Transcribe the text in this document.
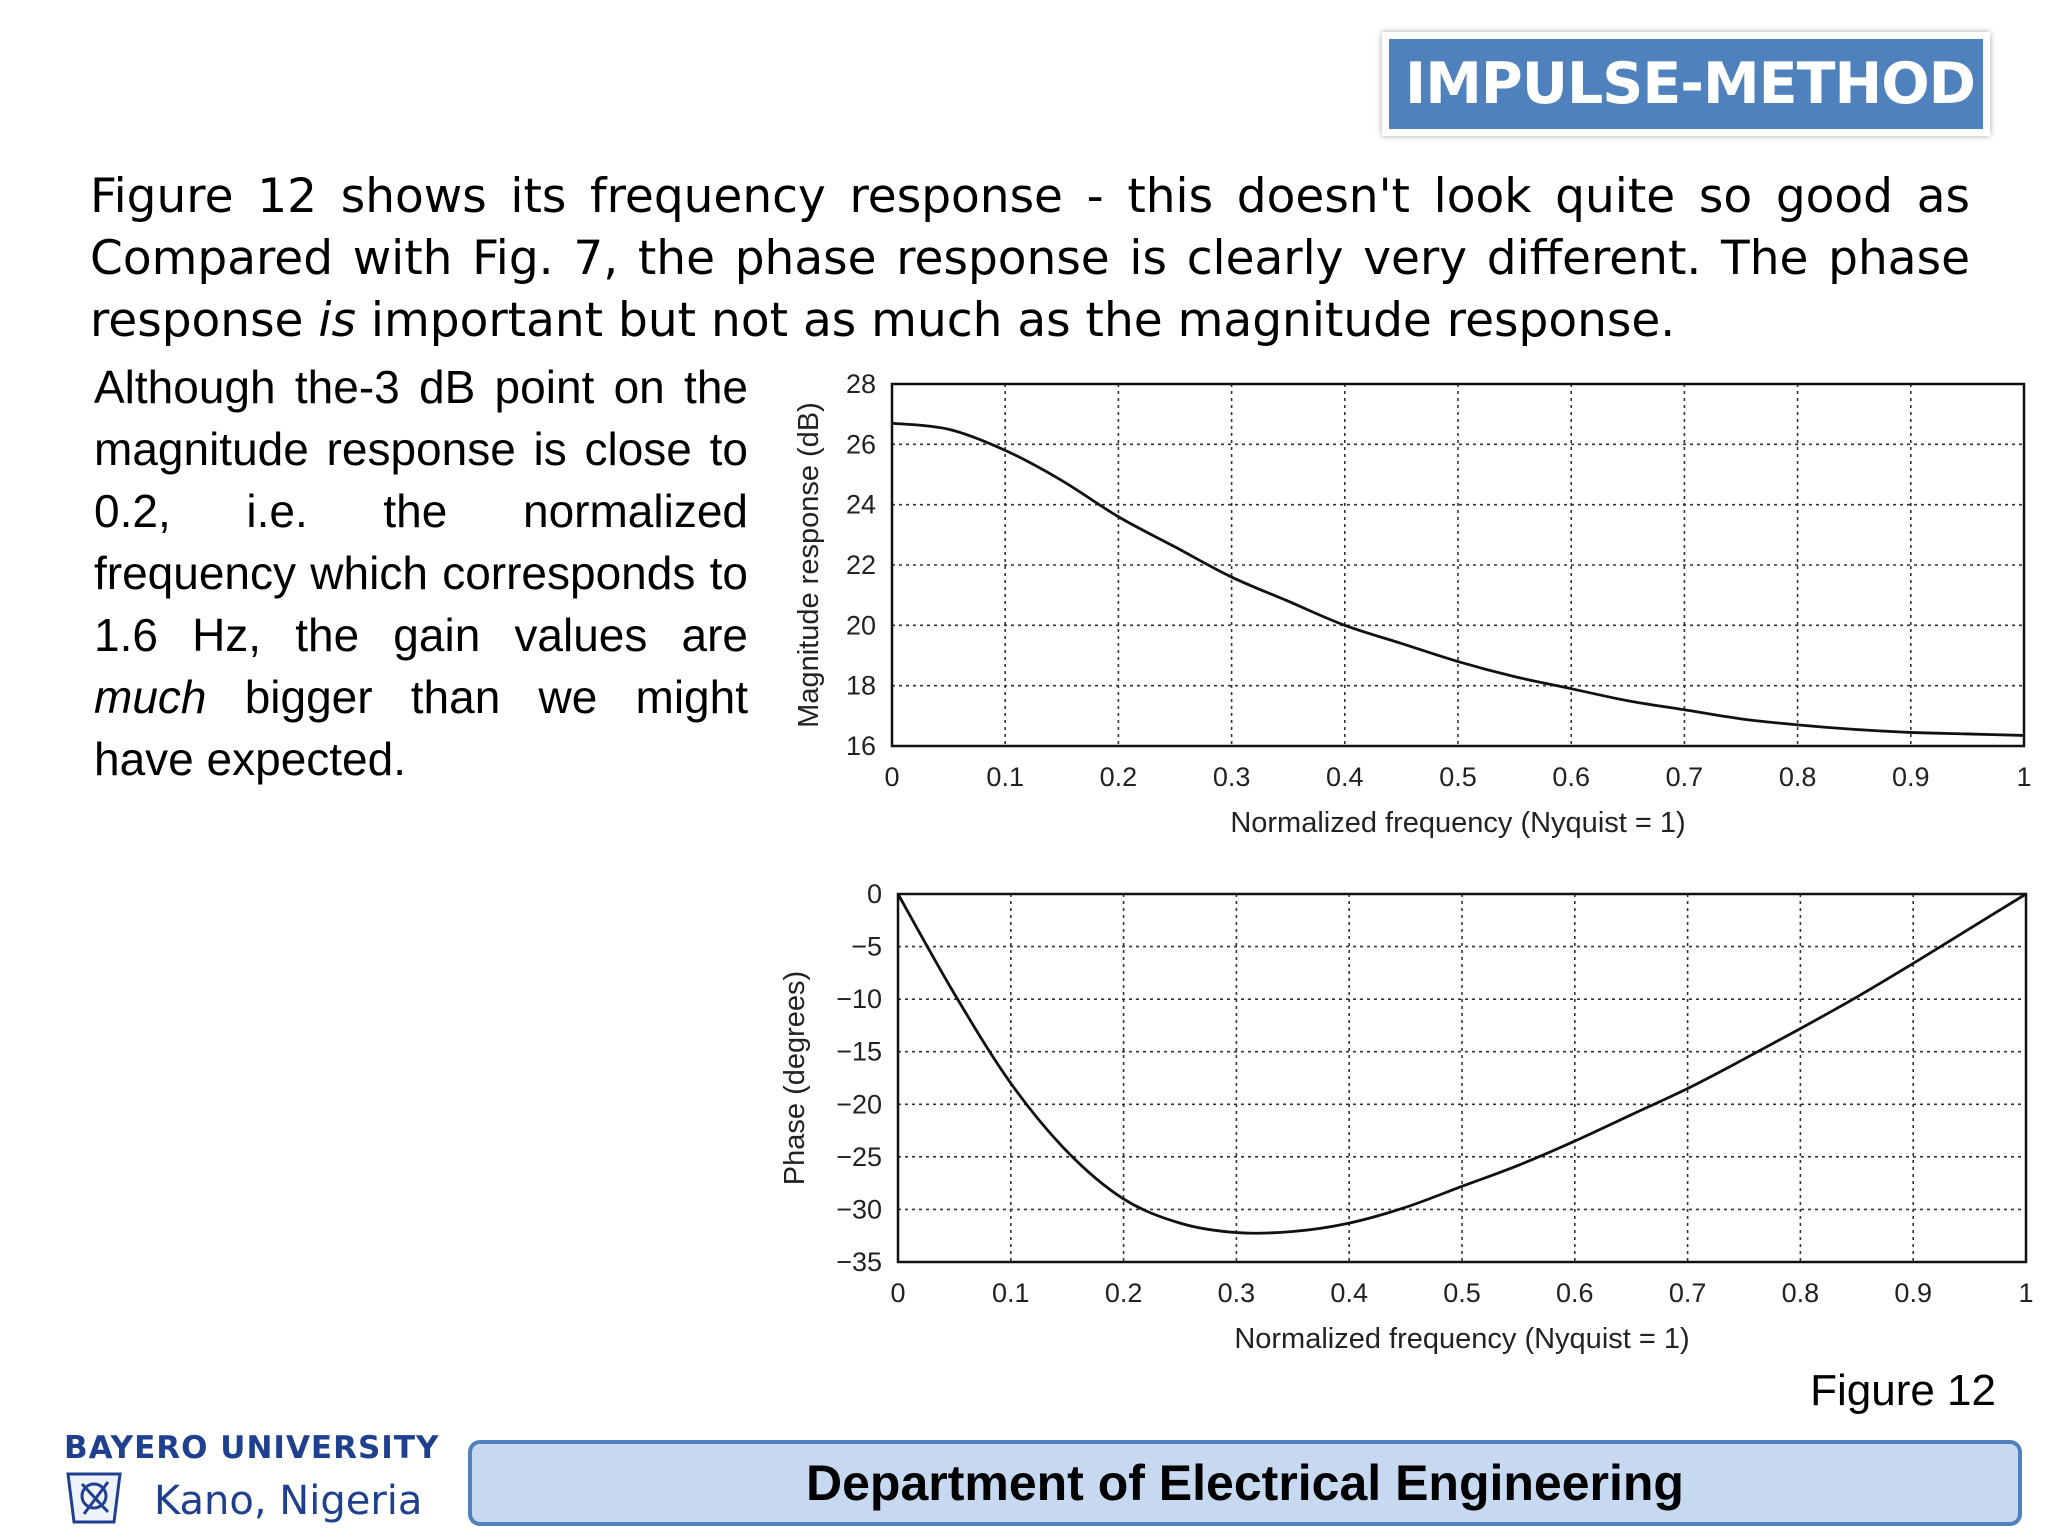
IMPULSE-METHOD
Figure 12 shows its frequency response - this doesn't look quite so good as Compared with Fig. 7, the phase response is clearly very different. The phase response is important but not as much as the magnitude response.
Although the-3 dB point on the magnitude response is close to 0.2, i.e. the normalized frequency which corresponds to 1.6 Hz, the gain values are much bigger than we might have expected.	0	0.1	0.2	0.3	0.4	0.5	0.6	0.7	0.8	0.9	1
16
18
20
22
24
26
28
Normalized frequency (Nyquist = 1)
Magnitude response (dB)
0	0.1	0.2	0.3	0.4	0.5	0.6	0.7	0.8	0.9	1
0
−5
−10
−15
−20
−25
−30
−35
Normalized frequency (Nyquist = 1)
Phase (degrees)
Figure 12
BAYERO UNIVERSITY
Kano, Nigeria	Department of Electrical Engineering
